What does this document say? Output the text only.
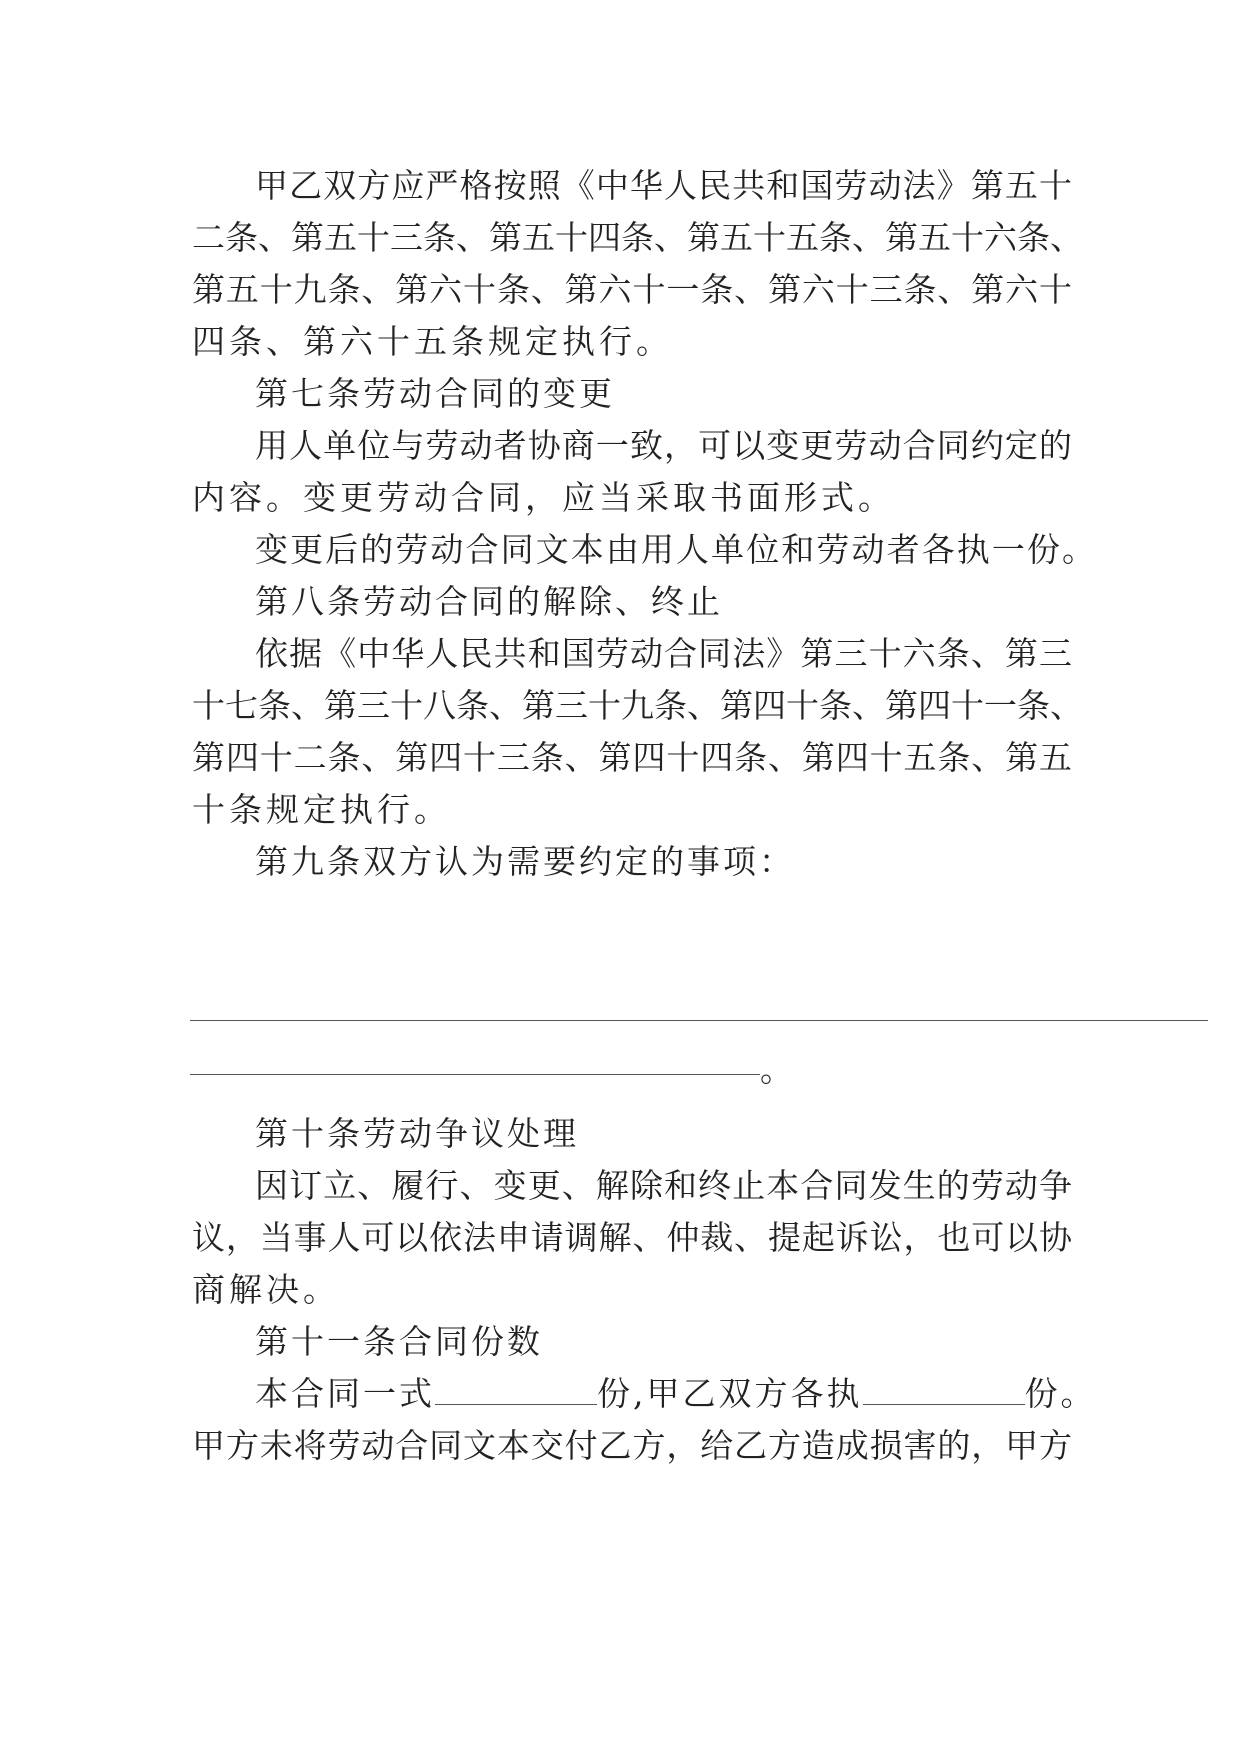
甲乙双方应严格按照《中华人民共和国劳动法》第五十
二条、第五十三条、第五十四条、第五十五条、第五十六条、
第五十九条、第六十条、第六十一条、第六十三条、第六十
四条、第六十五条规定执行。
第七条劳动合同的变更
用人单位与劳动者协商一致，可以变更劳动合同约定的
内容。变更劳动合同，应当采取书面形式。
变更后的劳动合同文本由用人单位和劳动者各执一份。
第八条劳动合同的解除、终止
依据《中华人民共和国劳动合同法》第三十六条、第三
十七条、第三十八条、第三十九条、第四十条、第四十一条、
第四十二条、第四十三条、第四十四条、第四十五条、第五
十条规定执行。
第九条双方认为需要约定的事项：
。
第十条劳动争议处理
因订立、履行、变更、解除和终止本合同发生的劳动争
议，当事人可以依法申请调解、仲裁、提起诉讼，也可以协
商解决。
第十一条合同份数
本合同一式	份,甲乙双方各执	份。
甲方未将劳动合同文本交付乙方，给乙方造成损害的，甲方
